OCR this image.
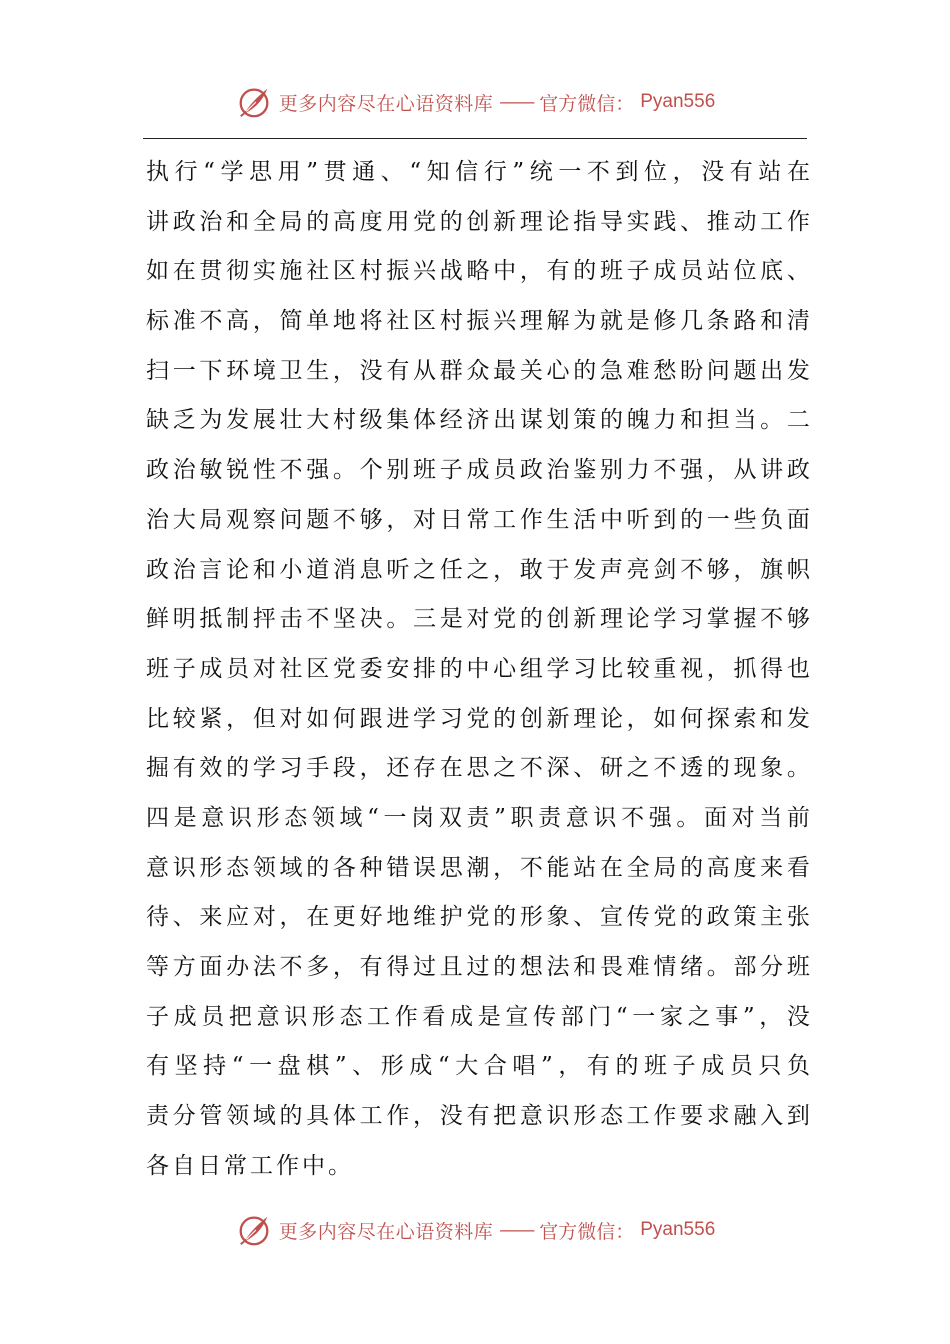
更多内容尽在心语资料库 —— 官方微信： Pyan556
执 行 “ 学 思 用 ” 贯 通 、 “ 知 信 行 ” 统 一 不 到 位 ， 没 有 站 在
讲 政 治 和 全 局 的 高 度 用 党 的 创 新 理 论 指 导 实 践 、 推 动 工 作
如 在 贯 彻 实 施 社 区 村 振 兴 战 略 中 ， 有 的 班 子 成 员 站 位 底 、
标 准 不 高 ， 简 单 地 将 社 区 村 振 兴 理 解 为 就 是 修 几 条 路 和 清
扫 一 下 环 境 卫 生 ， 没 有 从 群 众 最 关 心 的 急 难 愁 盼 问 题 出 发
缺 乏 为 发 展 壮 大 村 级 集 体 经 济 出 谋 划 策 的 魄 力 和 担 当 。 二
政 治 敏 锐 性 不 强 。 个 别 班 子 成 员 政 治 鉴 别 力 不 强 ， 从 讲 政
治 大 局 观 察 问 题 不 够 ， 对 日 常 工 作 生 活 中 听 到 的 一 些 负 面
政 治 言 论 和 小 道 消 息 听 之 任 之 ， 敢 于 发 声 亮 剑 不 够 ， 旗 帜
鲜 明 抵 制 抨 击 不 坚 决 。 三 是 对 党 的 创 新 理 论 学 习 掌 握 不 够
班 子 成 员 对 社 区 党 委 安 排 的 中 心 组 学 习 比 较 重 视 ， 抓 得 也
比 较 紧 ， 但 对 如 何 跟 进 学 习 党 的 创 新 理 论 ， 如 何 探 索 和 发
掘 有 效 的 学 习 手 段 ， 还 存 在 思 之 不 深 、 研 之 不 透 的 现 象 。
四 是 意 识 形 态 领 域 “ 一 岗 双 责 ” 职 责 意 识 不 强 。 面 对 当 前
意 识 形 态 领 域 的 各 种 错 误 思 潮 ， 不 能 站 在 全 局 的 高 度 来 看
待 、 来 应 对 ， 在 更 好 地 维 护 党 的 形 象 、 宣 传 党 的 政 策 主 张
等 方 面 办 法 不 多 ， 有 得 过 且 过 的 想 法 和 畏 难 情 绪 。 部 分 班
子 成 员 把 意 识 形 态 工 作 看 成 是 宣 传 部 门 “ 一 家 之 事 ” ， 没
有 坚 持 “ 一 盘 棋 ” 、 形 成 “ 大 合 唱 ” ， 有 的 班 子 成 员 只 负
责 分 管 领 域 的 具 体 工 作 ， 没 有 把 意 识 形 态 工 作 要 求 融 入 到
各自日常工作中。
更多内容尽在心语资料库 —— 官方微信： Pyan556
